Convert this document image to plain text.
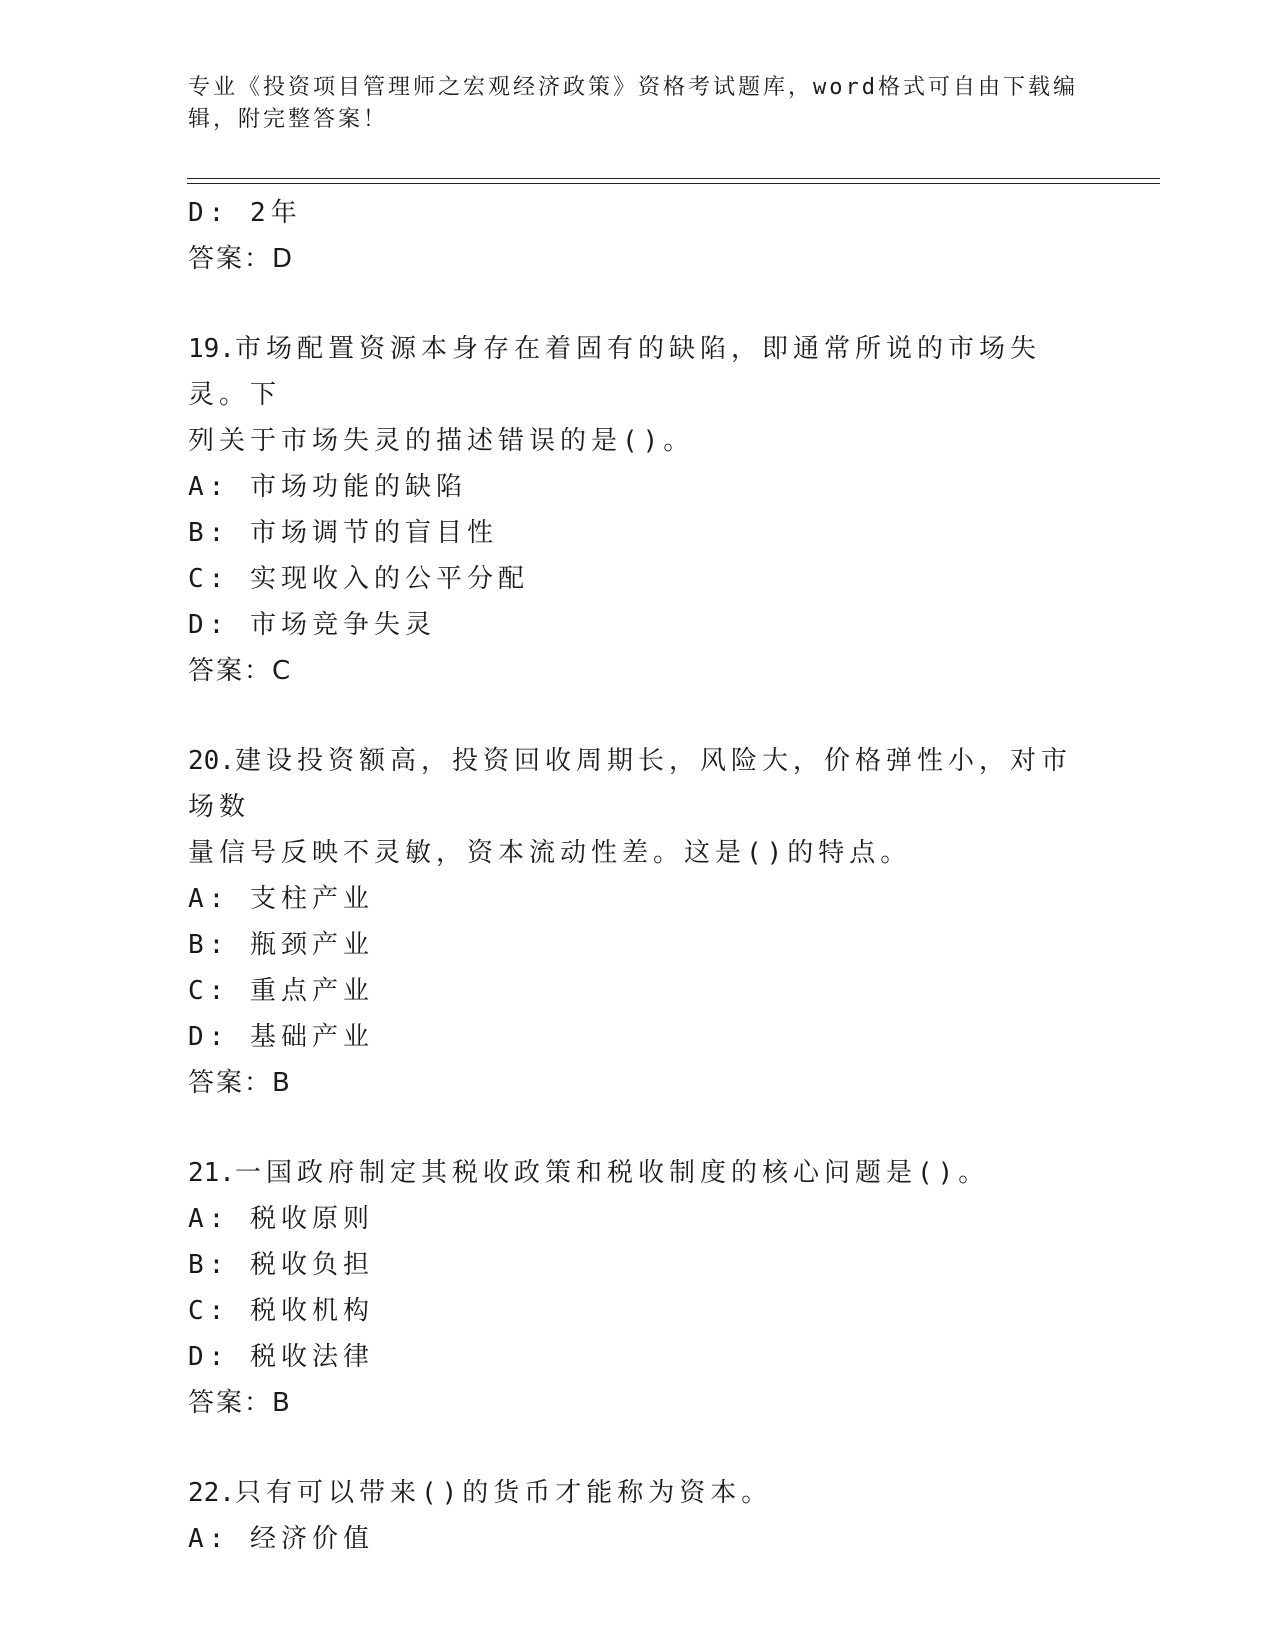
专业《投资项目管理师之宏观经济政策》资格考试题库，word格式可自由下载编
辑，附完整答案！
D: 2年
答案：D
19.市场配置资源本身存在着固有的缺陷，即通常所说的市场失灵。下
列关于市场失灵的描述错误的是()。
A: 市场功能的缺陷
B: 市场调节的盲目性
C: 实现收入的公平分配
D: 市场竞争失灵
答案：C
20.建设投资额高，投资回收周期长，风险大，价格弹性小，对市场数
量信号反映不灵敏，资本流动性差。这是()的特点。
A: 支柱产业
B: 瓶颈产业
C: 重点产业
D: 基础产业
答案：B
21.一国政府制定其税收政策和税收制度的核心问题是()。
A: 税收原则
B: 税收负担
C: 税收机构
D: 税收法律
答案：B
22.只有可以带来()的货币才能称为资本。
A: 经济价值
